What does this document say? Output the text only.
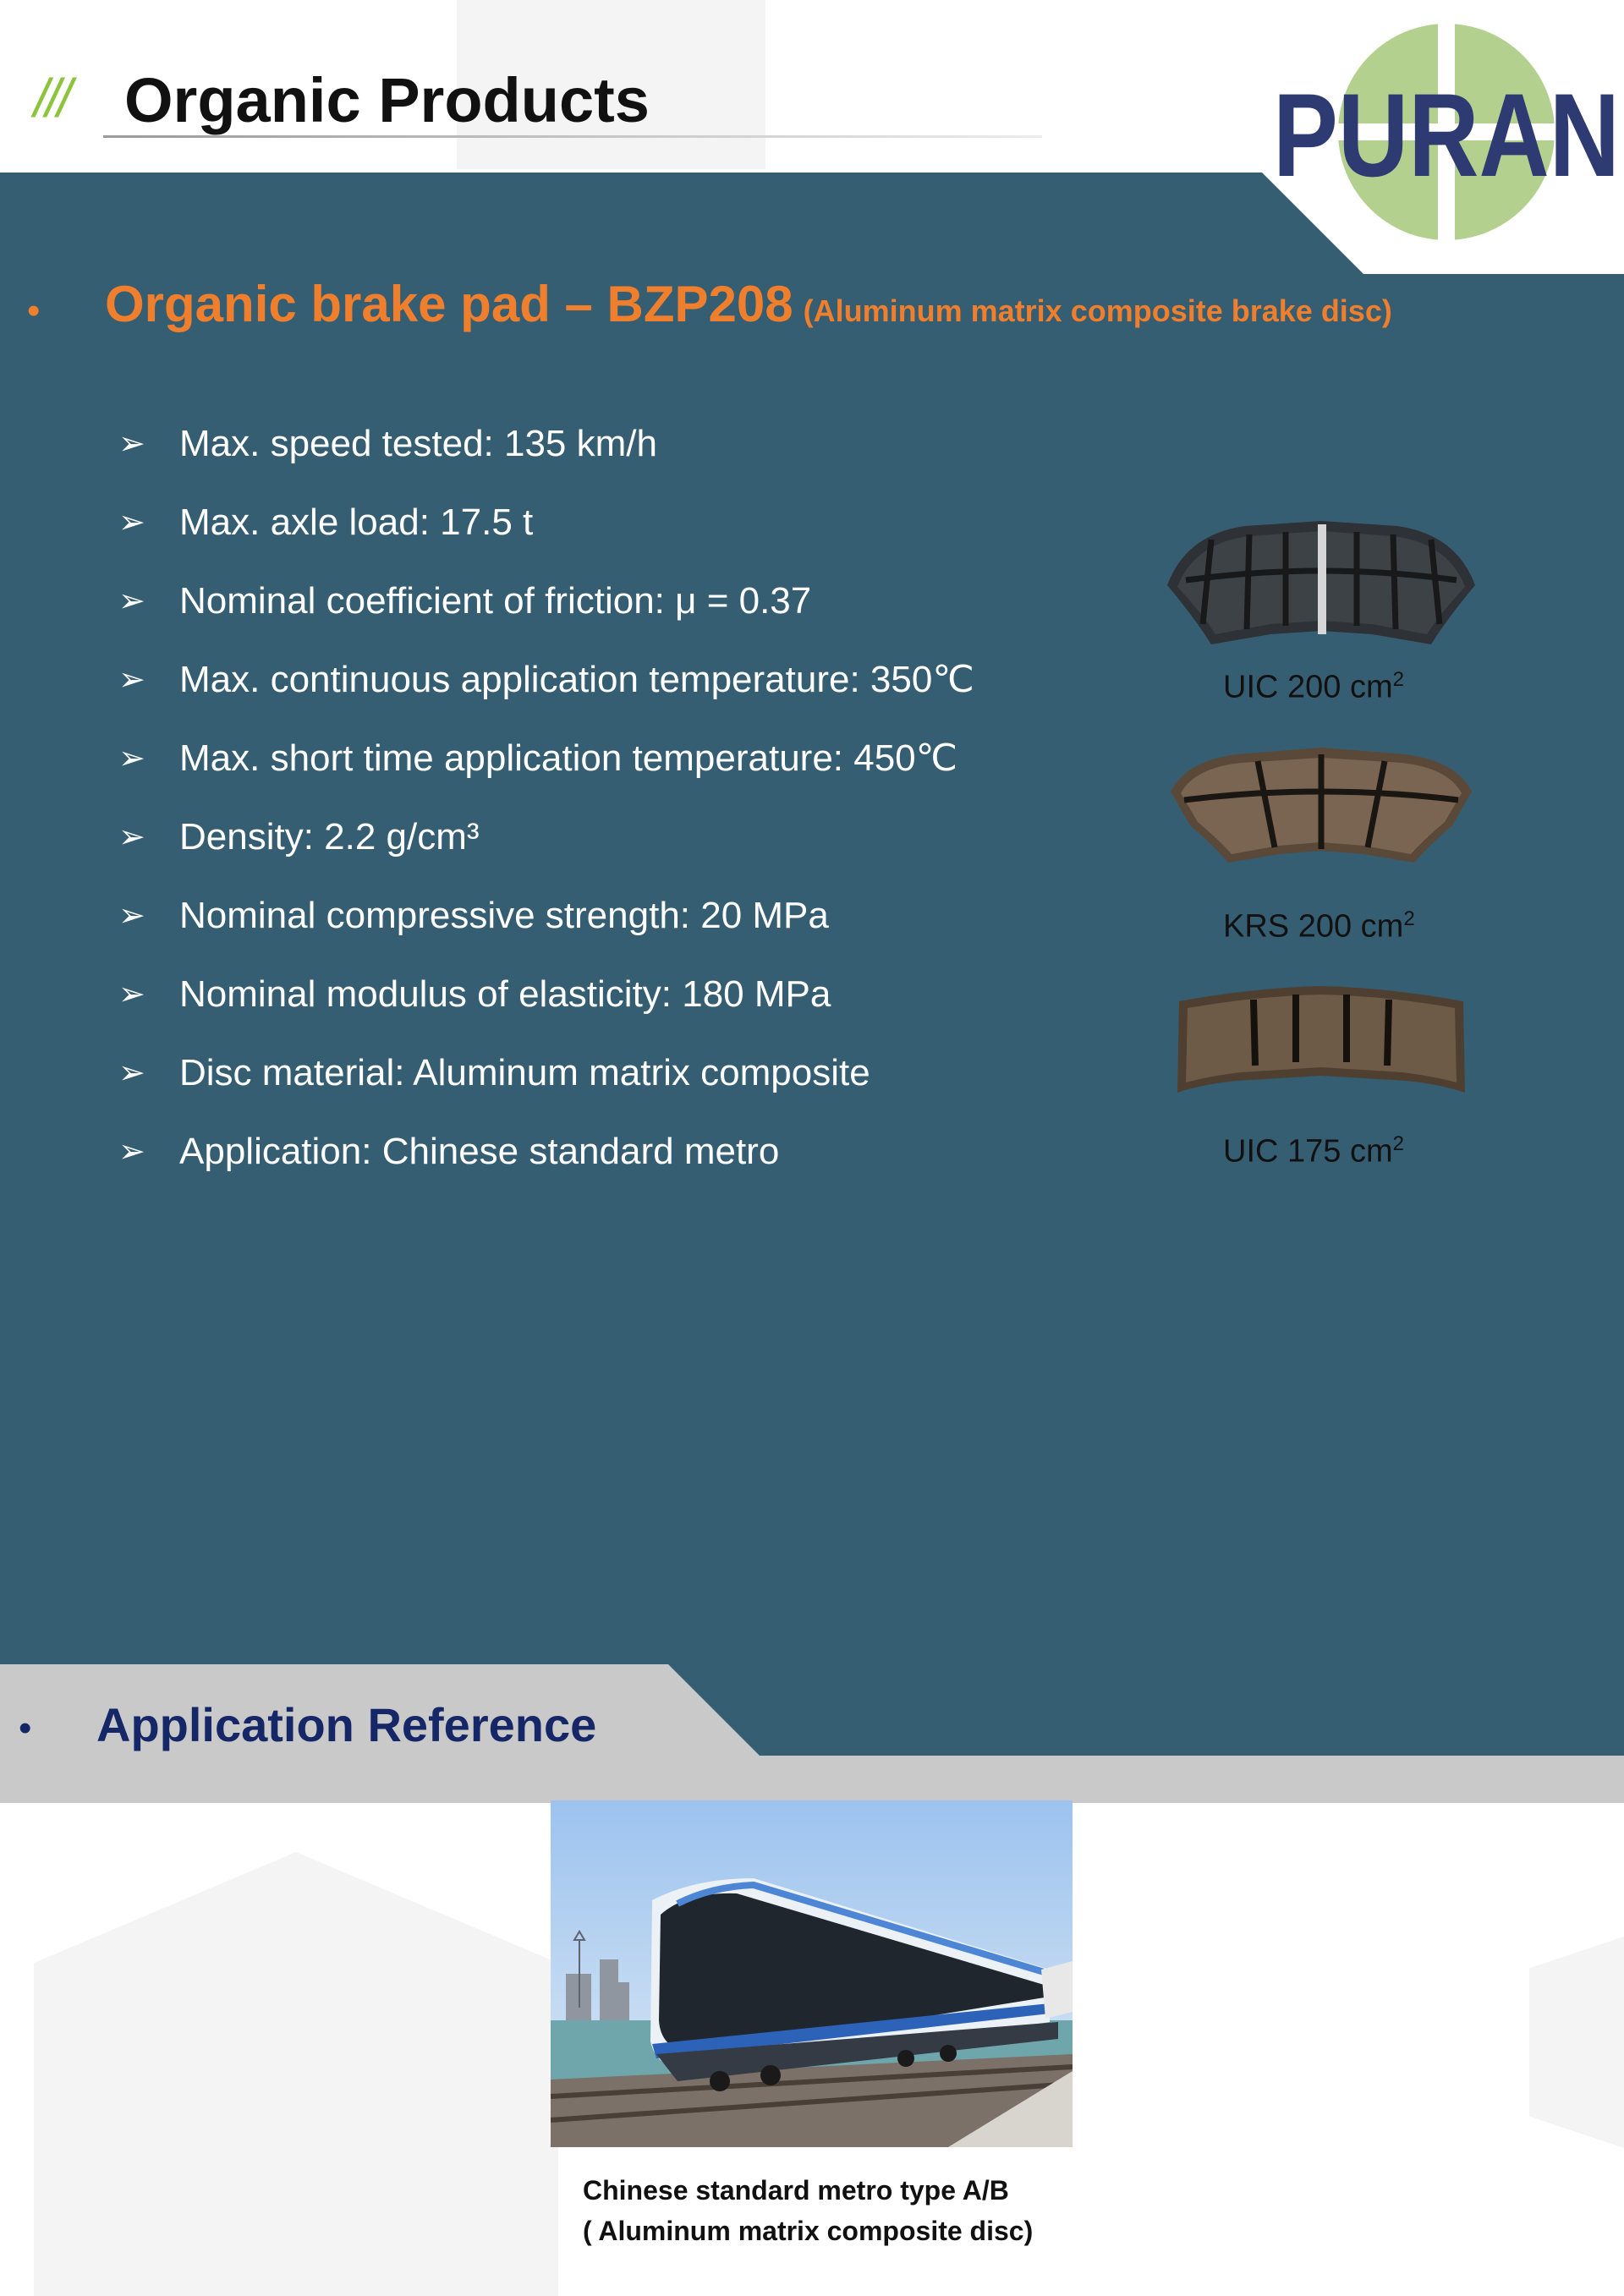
/// Organic Products	PURAN
• Organic brake pad – BZP208 (Aluminum matrix composite brake disc)
➢ Max. speed tested: 135 km/h
➢ Max. axle load: 17.5 t
➢ Nominal coefficient of friction: μ = 0.37
➢ Max. continuous application temperature: 350℃
➢ Max. short time application temperature: 450℃
➢ Density: 2.2 g/cm³
➢ Nominal compressive strength: 20 MPa
➢ Nominal modulus of elasticity: 180 MPa
➢ Disc material: Aluminum matrix composite
➢ Application: Chinese standard metro
UIC 200 $cm^2$
KRS 200 $cm^2$
UIC 175 $cm^2$
• Application Reference
Chinese standard metro type A/B
( Aluminum matrix composite disc)
